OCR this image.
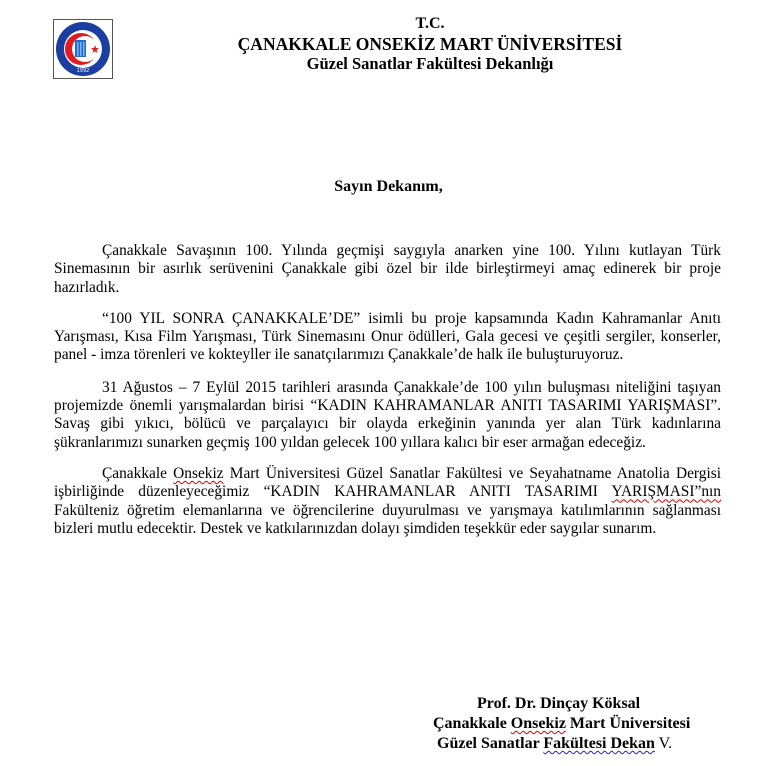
1992
T.C.
ÇANAKKALE ONSEKİZ MART ÜNİVERSİTESİ
Güzel Sanatlar Fakültesi Dekanlığı
Sayın Dekanım,

Çanakkale Savaşının 100. Yılında geçmişi saygıyla anarken yine 100. Yılını kutlayan Türk Sinemasının bir asırlık serüvenini Çanakkale gibi özel bir ilde birleştirmeyi amaç edinerek bir proje hazırladık.

“100 YIL SONRA ÇANAKKALE’DE” isimli bu proje kapsamında Kadın Kahramanlar Anıtı Yarışması, Kısa Film Yarışması, Türk Sinemasını Onur ödülleri, Gala gecesi ve çeşitli sergiler, konserler, panel - imza törenleri ve kokteyller ile sanatçılarımızı Çanakkale’de halk ile buluşturuyoruz.

31 Ağustos – 7 Eylül 2015 tarihleri arasında Çanakkale’de 100 yılın buluşması niteliğini taşıyan projemizde önemli yarışmalardan birisi “KADIN KAHRAMANLAR ANITI TASARIMI YARIŞMASI”. Savaş gibi yıkıcı, bölücü ve parçalayıcı bir olayda erkeğinin yanında yer alan Türk kadınlarına şükranlarımızı sunarken geçmiş 100 yıldan gelecek 100 yıllara kalıcı bir eser armağan edeceğiz.

Çanakkale Onsekiz Mart Üniversitesi Güzel Sanatlar Fakültesi ve Seyahatname Anatolia Dergisi işbirliğinde düzenleyeceğimiz “KADIN KAHRAMANLAR ANITI TASARIMI YARIŞMASI”nın Fakülteniz öğretim elemanlarına ve öğrencilerine duyurulması ve yarışmaya katılımlarının sağlanması bizleri mutlu edecektir. Destek ve katkılarınızdan dolayı şimdiden teşekkür eder saygılar sunarım.

Prof. Dr. Dinçay Köksal
Çanakkale Onsekiz Mart Üniversitesi
Güzel Sanatlar Fakültesi Dekan V.
